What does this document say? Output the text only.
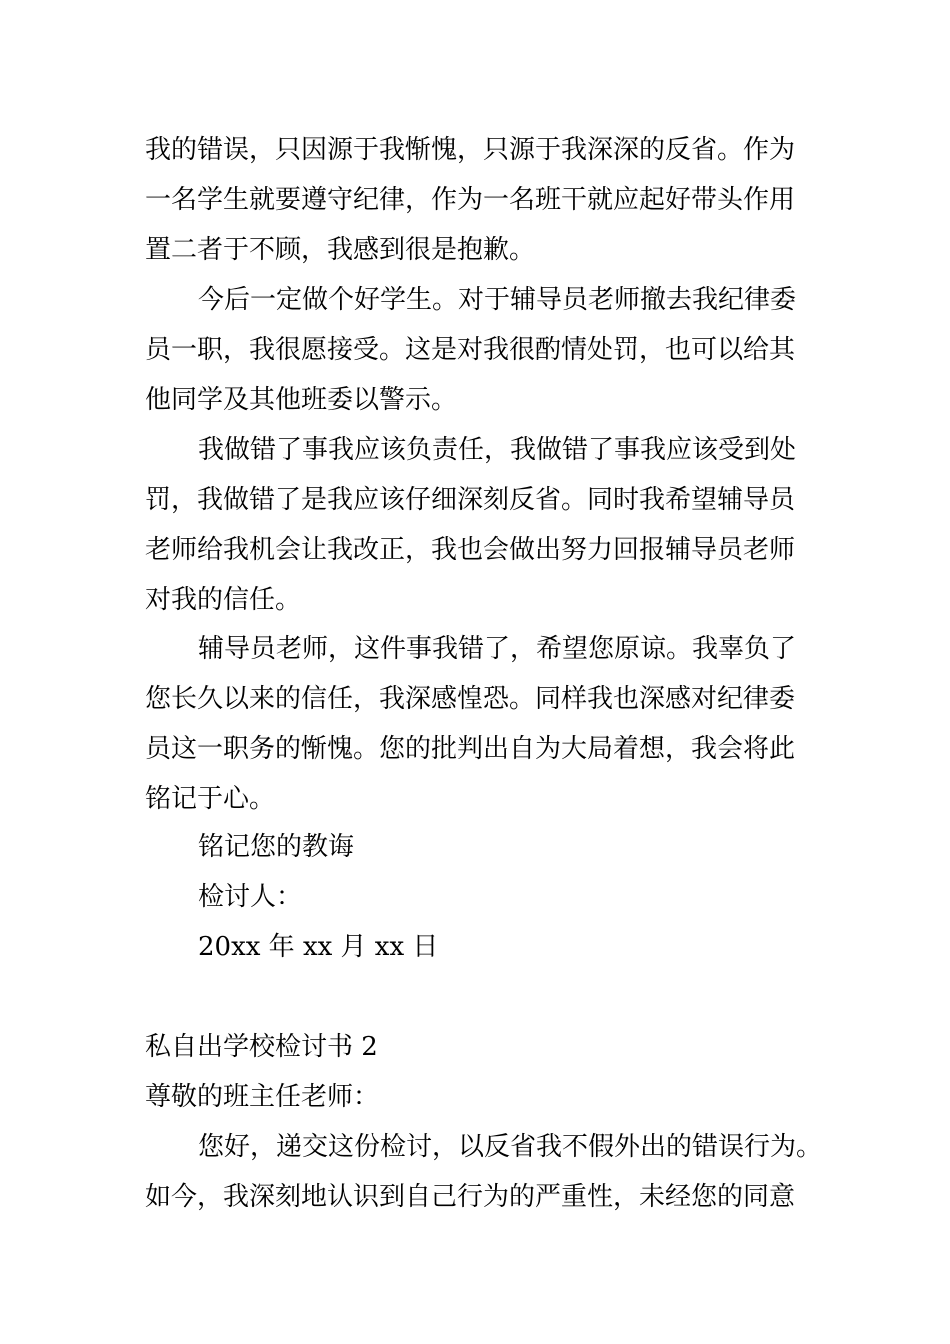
我的错误，只因源于我惭愧，只源于我深深的反省。作为
一名学生就要遵守纪律，作为一名班干就应起好带头作用
置二者于不顾，我感到很是抱歉。
今后一定做个好学生。对于辅导员老师撤去我纪律委
员一职，我很愿接受。这是对我很酌情处罚，也可以给其
他同学及其他班委以警示。
我做错了事我应该负责任，我做错了事我应该受到处
罚，我做错了是我应该仔细深刻反省。同时我希望辅导员
老师给我机会让我改正，我也会做出努力回报辅导员老师
对我的信任。
辅导员老师，这件事我错了，希望您原谅。我辜负了
您长久以来的信任，我深感惶恐。同样我也深感对纪律委
员这一职务的惭愧。您的批判出自为大局着想，我会将此
铭记于心。
铭记您的教诲
检讨人：
20xx 年 xx 月 xx 日
私自出学校检讨书 2
尊敬的班主任老师：
您好，递交这份检讨，以反省我不假外出的错误行为。
如今，我深刻地认识到自己行为的严重性，未经您的同意
